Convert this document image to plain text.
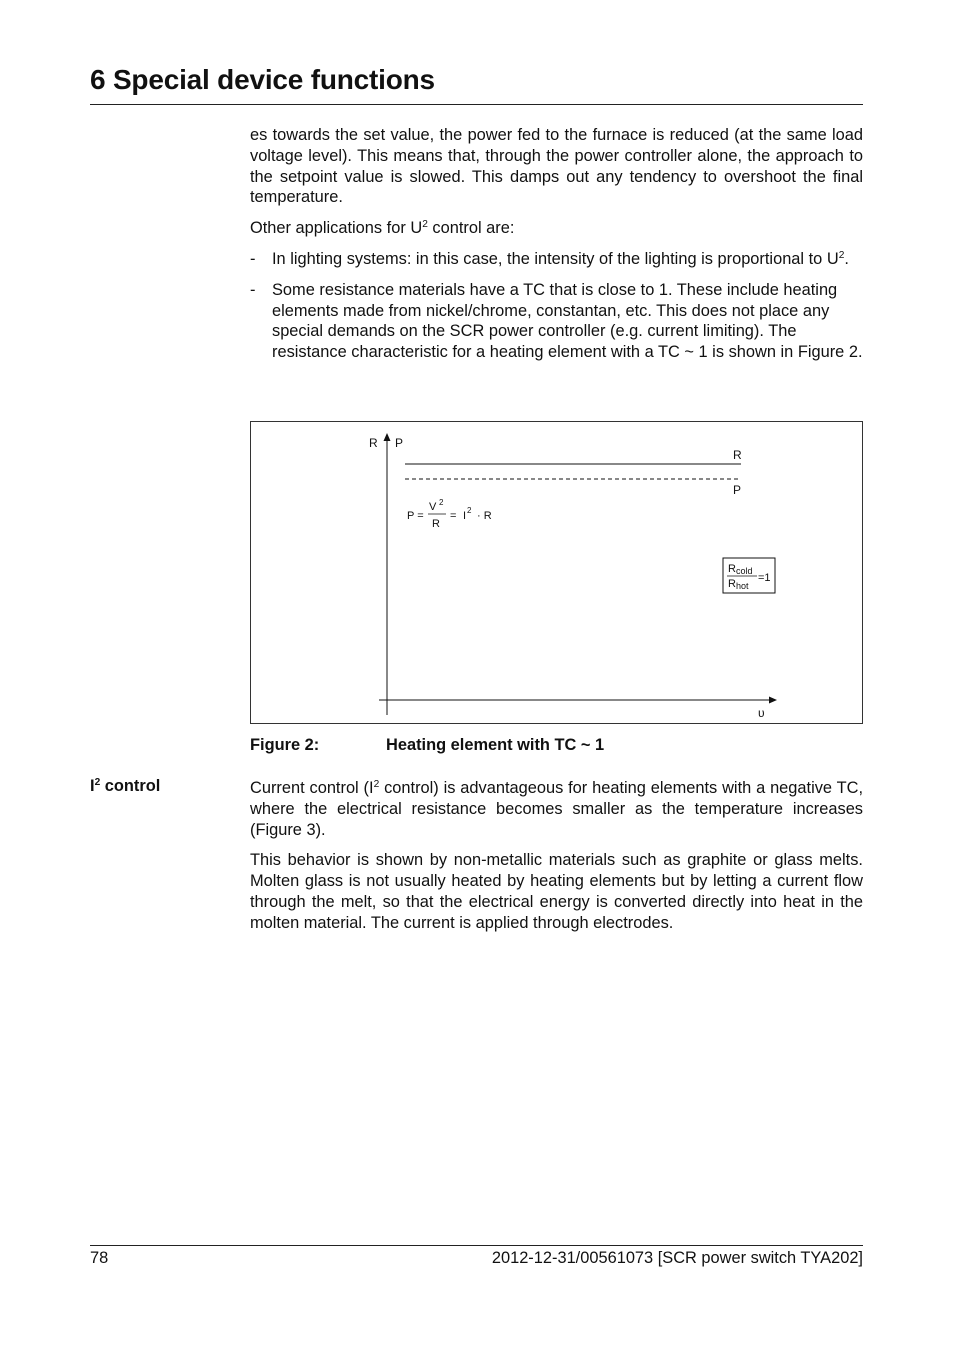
6 Special device functions

es towards the set value, the power fed to the furnace is reduced (at the same load voltage level). This means that, through the power controller alone, the approach to the setpoint value is slowed. This damps out any tendency to overshoot the final temperature.

Other applications for $U^2$ control are:

- In lighting systems: in this case, the intensity of the lighting is proportional to $U^2$.
- Some resistance materials have a TC that is close to 1. These include heating elements made from nickel/chrome, constantan, etc. This does not place any special demands on the SCR power controller (e.g. current limiting). The resistance characteristic for a heating element with a TC ~ 1 is shown in Figure 2.
R P
υ
R
P
P =
V 2
R
= I 2 · R
R cold
R hot
=1
Figure 2:	Heating element with TC ~ 1
$I^2$ control	Current control ($I^2$ control) is advantageous for heating elements with a negative TC, where the electrical resistance becomes smaller as the temperature increases (Figure 3).

This behavior is shown by non-metallic materials such as graphite or glass melts. Molten glass is not usually heated by heating elements but by letting a current flow through the melt, so that the electrical energy is converted directly into heat in the molten material. The current is applied through electrodes.

78	2012-12-31/00561073 [SCR power switch TYA202]
